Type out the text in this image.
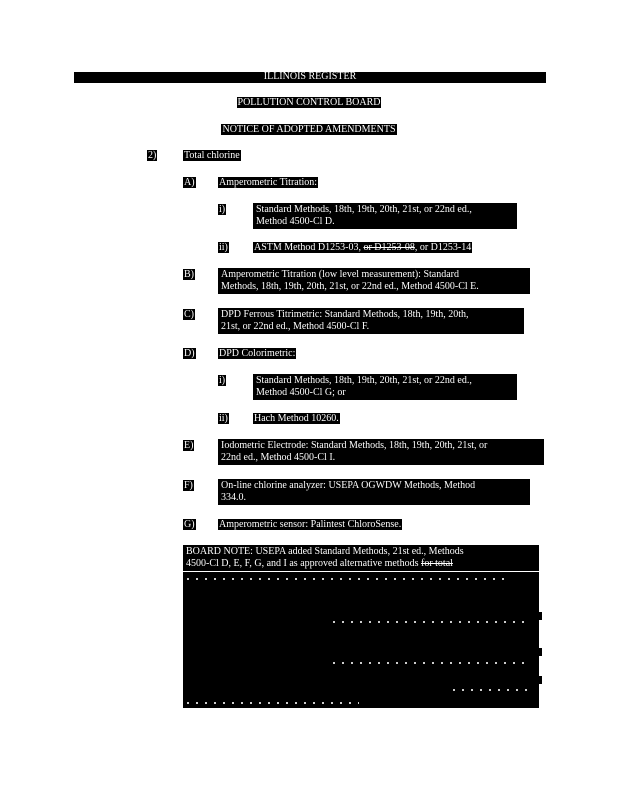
ILLINOIS REGISTER
POLLUTION CONTROL BOARD
NOTICE OF ADOPTED AMENDMENTS
2)	Total chlorine
A) Amperometric Titration:
i)	Standard Methods, 18th, 19th, 20th, 21st, or 22nd ed.,
Method 4500-Cl D.
ii)	ASTM Method D1253-03, or D1253-08, or D1253-14
B)	Amperometric Titration (low level measurement): Standard
Methods, 18th, 19th, 20th, 21st, or 22nd ed., Method 4500-Cl E.
C)	DPD Ferrous Titrimetric: Standard Methods, 18th, 19th, 20th,
21st, or 22nd ed., Method 4500-Cl F.
D) DPD Colorimetric:
i)	Standard Methods, 18th, 19th, 20th, 21st, or 22nd ed.,
Method 4500-Cl G; or
ii)	Hach Method 10260.
E)	Iodometric Electrode: Standard Methods, 18th, 19th, 20th, 21st, or
22nd ed., Method 4500-Cl I.
F)	On-line chlorine analyzer: USEPA OGWDW Methods, Method
334.0.
G) Amperometric sensor: Palintest ChloroSense.
BOARD NOTE: USEPA added Standard Methods, 21st ed., Methods
4500-Cl D, E, F, G, and I as approved alternative methods for total
